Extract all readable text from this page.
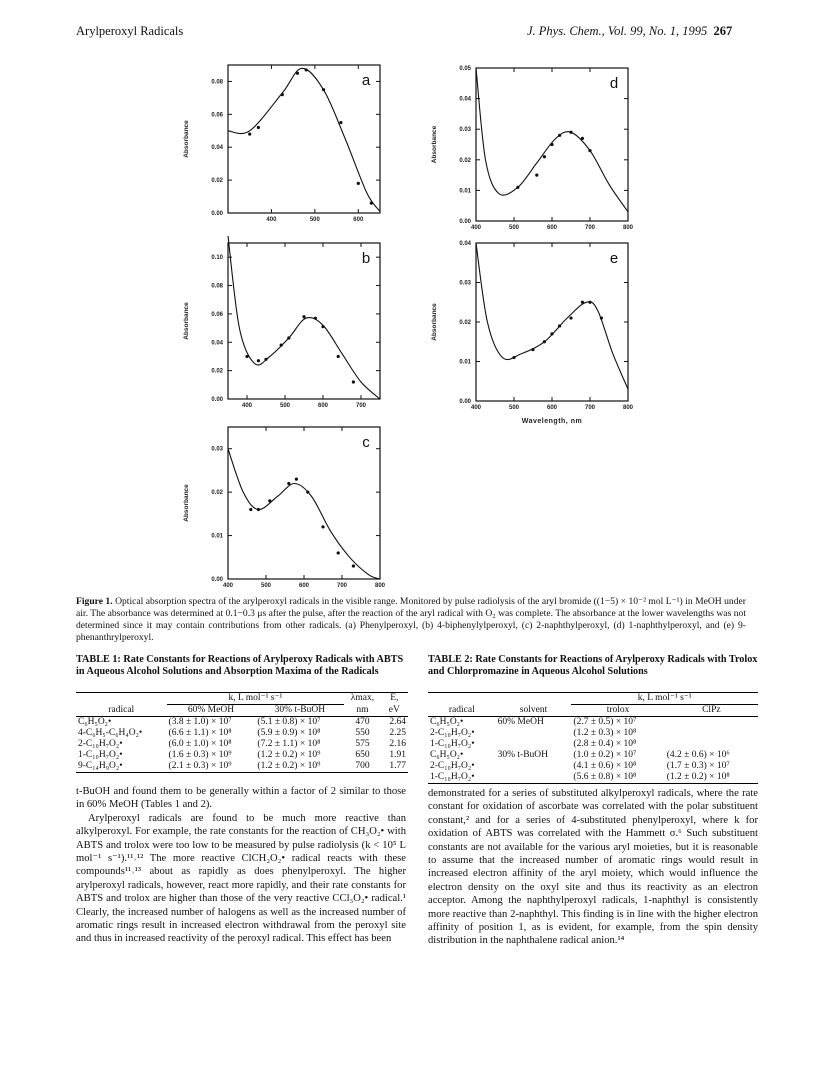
Arylperoxyl Radicals	J. Phys. Chem., Vol. 99, No. 1, 1995 267
400	500	600
0.00
0.02
0.04
0.06
0.08
Absorbance
a
400	500	600	700
0.00
0.02
0.04
0.06
0.08
0.10
Absorbance
b
400	500	600	700	800
0.00
0.01
0.02
0.03
Absorbance
c
400	500	600	700	800
0.00
0.01
0.02
0.03
0.04
0.05
Absorbance
d
400	500	600	700	800
0.00
0.01
0.02
0.03
0.04
Absorbance
e
Wavelength, nm
Figure 1. Optical absorption spectra of the arylperoxyl radicals in the visible range. Monitored by pulse radiolysis of the aryl bromide ((1−5) × 10⁻² mol L⁻¹) in MeOH under air. The absorbance was determined at 0.1−0.3 μs after the pulse, after the reaction of the aryl radical with O₂ was complete. The absorbance at the lower wavelengths was not determined since it may contain contributions from other radicals. (a) Phenylperoxyl, (b) 4-biphenylylperoxyl, (c) 2-naphthylperoxyl, (d) 1-naphthylperoxyl, and (e) 9-phenanthrylperoxyl.
TABLE 1: Rate Constants for Reactions of Arylperoxy Radicals with ABTS in Aqueous Alcohol Solutions and Absorption Maxima of the Radicals
	k, L mol⁻¹ s⁻¹		λmax,	E,
radical	60% MeOH	30% t-BuOH	nm	eV
C₆H₅O₂•	(3.8 ± 1.0) × 10⁷	(5.1 ± 0.8) × 10⁷	470	2.64
4-C₆H₅-C₆H₄O₂•	(6.6 ± 1.1) × 10⁸	(5.9 ± 0.9) × 10⁸	550	2.25
2-C₁₀H₇O₂•	(6.0 ± 1.0) × 10⁸	(7.2 ± 1.1) × 10⁸	575	2.16
1-C₁₀H₇O₂•	(1.6 ± 0.3) × 10⁹	(1.2 ± 0.2) × 10⁹	650	1.91
9-C₁₄H₉O₂•	(2.1 ± 0.3) × 10⁹	(1.2 ± 0.2) × 10⁹	700	1.77
TABLE 2: Rate Constants for Reactions of Arylperoxy Radicals with Trolox and Chlorpromazine in Aqueous Alcohol Solutions
		k, L mol⁻¹ s⁻¹	
radical	solvent	trolox	ClPz
C₆H₅O₂•	60% MeOH	(2.7 ± 0.5) × 10⁷	
2-C₁₀H₇O₂•		(1.2 ± 0.3) × 10⁸	
1-C₁₀H₇O₂•		(2.8 ± 0.4) × 10⁸	
C₆H₅O₂•	30% t-BuOH	(1.0 ± 0.2) × 10⁷	(4.2 ± 0.6) × 10⁶
2-C₁₀H₇O₂•		(4.1 ± 0.6) × 10⁸	(1.7 ± 0.3) × 10⁷
1-C₁₀H₇O₂•		(5.6 ± 0.8) × 10⁸	(1.2 ± 0.2) × 10⁸

t-BuOH and found them to be generally within a factor of 2 similar to those in 60% MeOH (Tables 1 and 2).

Arylperoxyl radicals are found to be much more reactive than alkylperoxyl. For example, the rate constants for the reaction of CH₃O₂• with ABTS and trolox were too low to be measured by pulse radiolysis (k < 10⁵ L mol⁻¹ s⁻¹).¹¹˒¹² The more reactive ClCH₂O₂• radical reacts with these compounds¹¹˒¹³ about as rapidly as does phenylperoxyl. The higher arylperoxyl radicals, however, react more rapidly, and their rate constants for ABTS and trolox are higher than those of the very reactive CCl₃O₂• radical.¹ Clearly, the increased number of halogens as well as the increased number of aromatic rings result in increased electron withdrawal from the peroxyl site and thus in increased reactivity of the peroxyl radical. This effect has been

demonstrated for a series of substituted alkylperoxyl radicals, where the rate constant for oxidation of ascorbate was correlated with the polar substituent constant,² and for a series of 4-substituted phenylperoxyl, where k for oxidation of ABTS was correlated with the Hammett σ.⁶ Such substituent constants are not available for the various aryl moieties, but it is reasonable to assume that the increased number of aromatic rings would result in increased electron affinity of the aryl moiety, which would influence the electron density on the oxyl site and thus its reactivity as an electron acceptor. Among the naphthylperoxyl radicals, 1-naphthyl is consistently more reactive than 2-naphthyl. This finding is in line with the higher electron affinity of position 1, as is evident, for example, from the spin density distribution in the naphthalene radical anion.¹⁴
